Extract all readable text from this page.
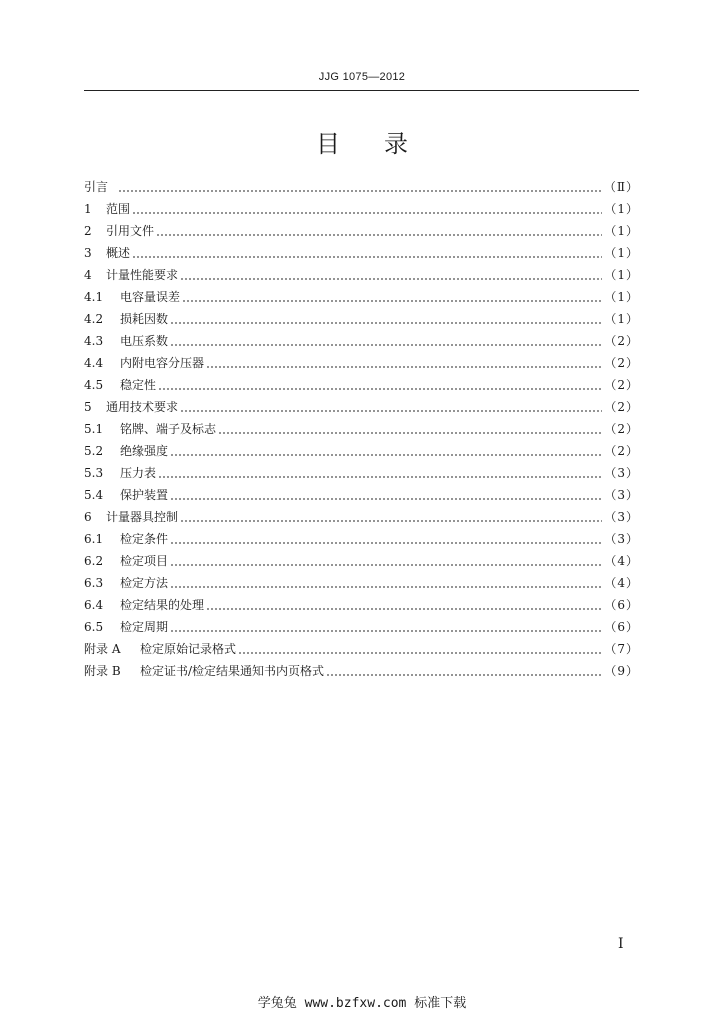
JJG 1075—2012
目录
引言	（Ⅱ）
1	范围	（1）
2	引用文件	（1）
3	概述	（1）
4	计量性能要求	（1）
4.1	电容量误差	（1）
4.2	损耗因数	（1）
4.3	电压系数	（2）
4.4	内附电容分压器	（2）
4.5	稳定性	（2）
5	通用技术要求	（2）
5.1	铭牌、端子及标志	（2）
5.2	绝缘强度	（2）
5.3	压力表	（3）
5.4	保护装置	（3）
6	计量器具控制	（3）
6.1	检定条件	（3）
6.2	检定项目	（4）
6.3	检定方法	（4）
6.4	检定结果的处理	（6）
6.5	检定周期	（6）
附录 A	检定原始记录格式	（7）
附录 B	检定证书/检定结果通知书内页格式	（9）
I
学兔兔 www.bzfxw.com 标准下载
